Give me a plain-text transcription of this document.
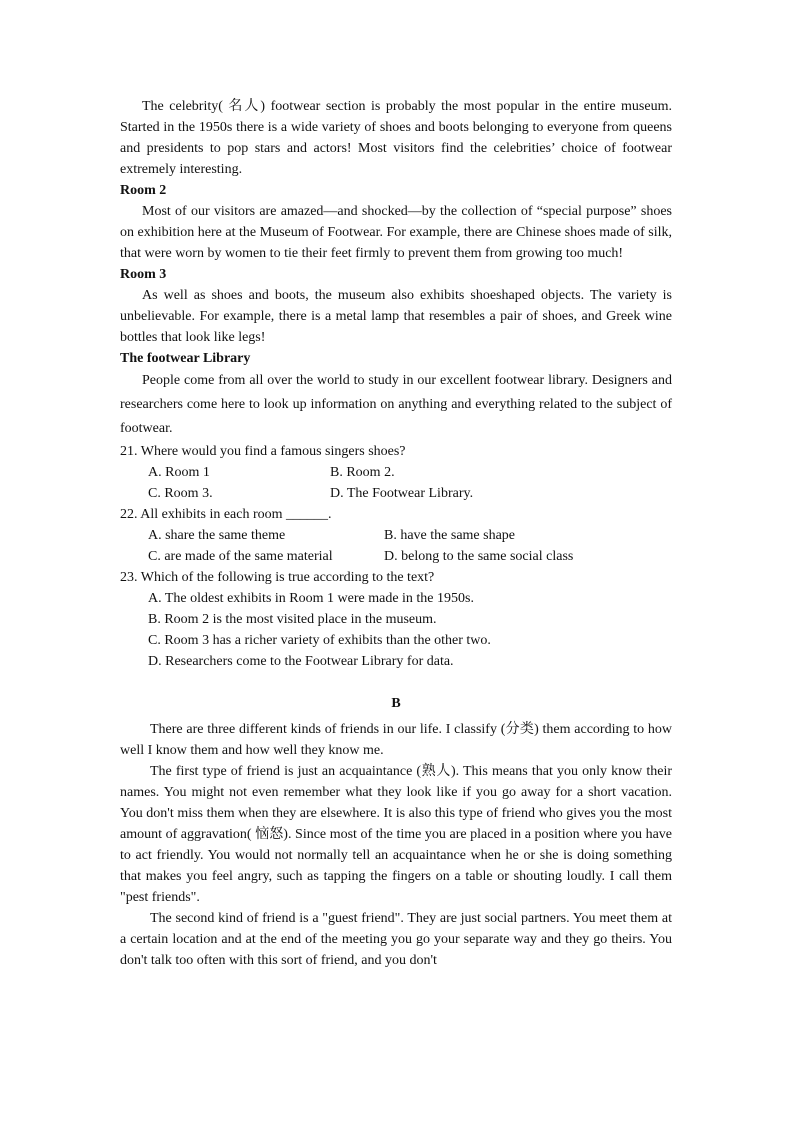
The celebrity( 名人) footwear section is probably the most popular in the entire museum. Started in the 1950s there is a wide variety of shoes and boots belonging to everyone from queens and presidents to pop stars and actors! Most visitors find the celebrities’ choice of footwear extremely interesting.

Room 2

Most of our visitors are amazed—and shocked—by the collection of “special purpose” shoes on exhibition here at the Museum of Footwear. For example, there are Chinese shoes made of silk, that were worn by women to tie their feet firmly to prevent them from growing too much!

Room 3

As well as shoes and boots, the museum also exhibits shoeshaped objects. The variety is unbelievable. For example, there is a metal lamp that resembles a pair of shoes, and Greek wine bottles that look like legs!

The footwear Library

People come from all over the world to study in our excellent footwear library. Designers and researchers come here to look up information on anything and everything related to the subject of footwear.

21. Where would you find a famous singers shoes?
A. Room 1	B. Room 2.
C. Room 3.	D. The Footwear Library.
22. All exhibits in each room ______.
A. share the same theme	B. have the same shape
C. are made of the same material	D. belong to the same social class
23. Which of the following is true according to the text?
A. The oldest exhibits in Room 1 were made in the 1950s.
B. Room 2 is the most visited place in the museum.
C. Room 3 has a richer variety of exhibits than the other two.
D. Researchers come to the Footwear Library for data.
B

There are three different kinds of friends in our life. I classify (分类) them according to how well I know them and how well they know me.

The first type of friend is just an acquaintance (熟人). This means that you only know their names. You might not even remember what they look like if you go away for a short vacation. You don't miss them when they are elsewhere. It is also this type of friend who gives you the most amount of aggravation( 恼怒). Since most of the time you are placed in a position where you have to act friendly. You would not normally tell an acquaintance when he or she is doing something that makes you feel angry, such as tapping the fingers on a table or shouting loudly. I call them "pest friends".

The second kind of friend is a "guest friend". They are just social partners. You meet them at a certain location and at the end of the meeting you go your separate way and they go theirs. You don't talk too often with this sort of friend, and you don't
